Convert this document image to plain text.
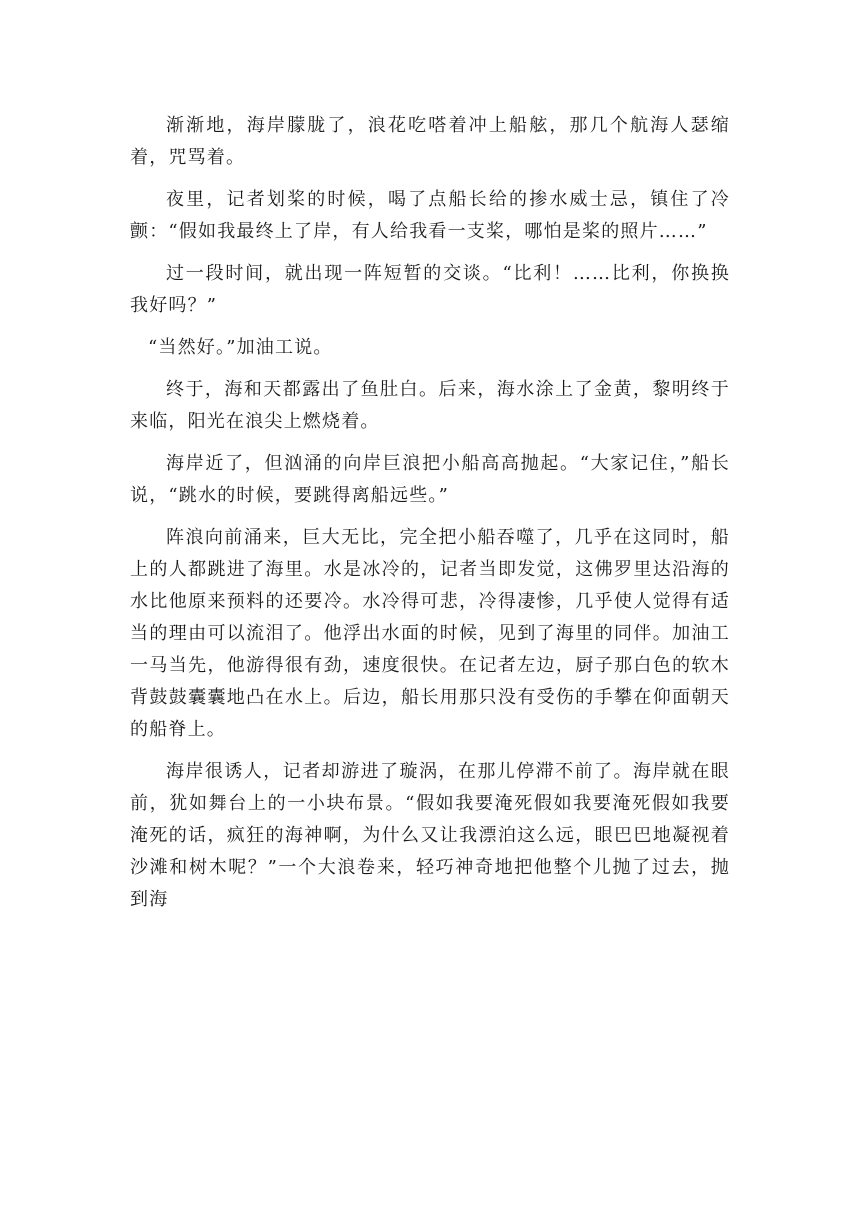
渐渐地，海岸朦胧了，浪花吃嗒着冲上船舷，那几个航海人瑟缩着，咒骂着。

夜里，记者划桨的时候，喝了点船长给的掺水威士忌，镇住了冷颤：“假如我最终上了岸，有人给我看一支桨，哪怕是桨的照片……”

过一段时间，就出现一阵短暂的交谈。“比利！……比利，你换换我好吗？”

“当然好。”加油工说。

终于，海和天都露出了鱼肚白。后来，海水涂上了金黄，黎明终于来临，阳光在浪尖上燃烧着。

海岸近了，但汹涌的向岸巨浪把小船高高抛起。“大家记住，”船长说，“跳水的时候，要跳得离船远些。”

阵浪向前涌来，巨大无比，完全把小船吞噬了，几乎在这同时，船上的人都跳进了海里。水是冰冷的，记者当即发觉，这佛罗里达沿海的水比他原来预料的还要冷。水冷得可悲，冷得凄惨，几乎使人觉得有适当的理由可以流泪了。他浮出水面的时候，见到了海里的同伴。加油工一马当先，他游得很有劲，速度很快。在记者左边，厨子那白色的软木背鼓鼓囊囊地凸在水上。后边，船长用那只没有受伤的手攀在仰面朝天的船脊上。

海岸很诱人，记者却游进了璇涡，在那儿停滞不前了。海岸就在眼前，犹如舞台上的一小块布景。“假如我要淹死假如我要淹死假如我要淹死的话，疯狂的海神啊，为什么又让我漂泊这么远，眼巴巴地凝视着沙滩和树木呢？”一个大浪卷来，轻巧神奇地把他整个儿抛了过去，抛到海
